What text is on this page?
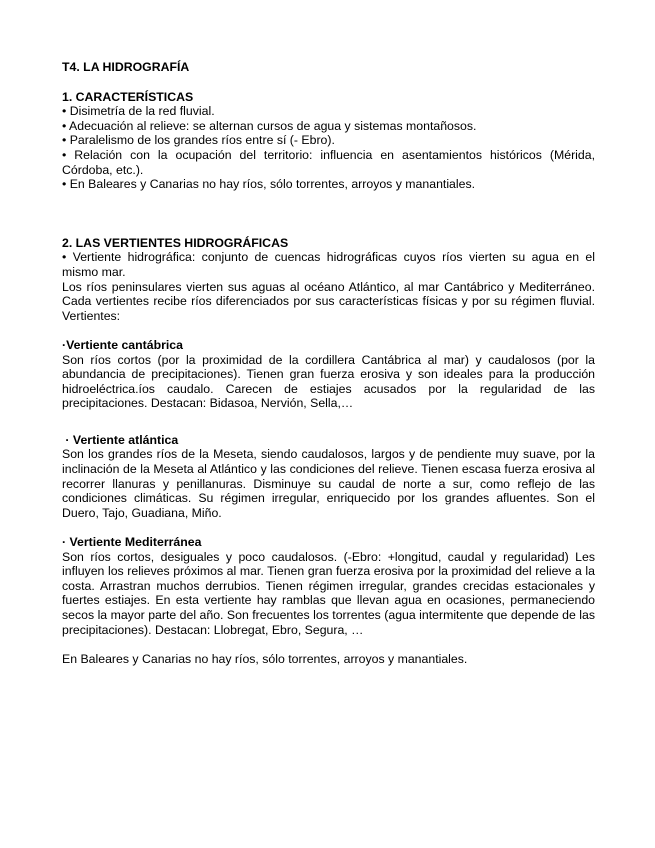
T4. LA HIDROGRAFÍA

1. CARACTERÍSTICAS

• Disimetría de la red fluvial.

• Adecuación al relieve: se alternan cursos de agua y sistemas montañosos.

• Paralelismo de los grandes ríos entre sí (- Ebro).

• Relación con la ocupación del territorio: influencia en asentamientos históricos (Mérida, Córdoba, etc.).

• En Baleares y Canarias no hay ríos, sólo torrentes, arroyos y manantiales.

2. LAS VERTIENTES HIDROGRÁFICAS

• Vertiente hidrográfica: conjunto de cuencas hidrográficas cuyos ríos vierten su agua en el mismo mar.

Los ríos peninsulares vierten sus aguas al océano Atlántico, al mar Cantábrico y Mediterráneo. Cada vertientes recibe ríos diferenciados por sus características físicas y por su régimen fluvial. Vertientes:

·Vertiente cantábrica

Son ríos cortos (por la proximidad de la cordillera Cantábrica al mar) y caudalosos (por la abundancia de precipitaciones). Tienen gran fuerza erosiva y son ideales para la producción hidroeléctrica.íos caudalo. Carecen de estiajes acusados por la regularidad de las precipitaciones. Destacan: Bidasoa, Nervión, Sella,…

· Vertiente atlántica

Son los grandes ríos de la Meseta, siendo caudalosos, largos y de pendiente muy suave, por la inclinación de la Meseta al Atlántico y las condiciones del relieve. Tienen escasa fuerza erosiva al recorrer llanuras y penillanuras. Disminuye su caudal de norte a sur, como reflejo de las condiciones climáticas. Su régimen irregular, enriquecido por los grandes afluentes. Son el Duero, Tajo, Guadiana, Miño.

· Vertiente Mediterránea

Son ríos cortos, desiguales y poco caudalosos. (-Ebro: +longitud, caudal y regularidad) Les influyen los relieves próximos al mar. Tienen gran fuerza erosiva por la proximidad del relieve a la costa. Arrastran muchos derrubios. Tienen régimen irregular, grandes crecidas estacionales y fuertes estiajes. En esta vertiente hay ramblas que llevan agua en ocasiones, permaneciendo secos la mayor parte del año. Son frecuentes los torrentes (agua intermitente que depende de las precipitaciones). Destacan: Llobregat, Ebro, Segura, …

En Baleares y Canarias no hay ríos, sólo torrentes, arroyos y manantiales.
